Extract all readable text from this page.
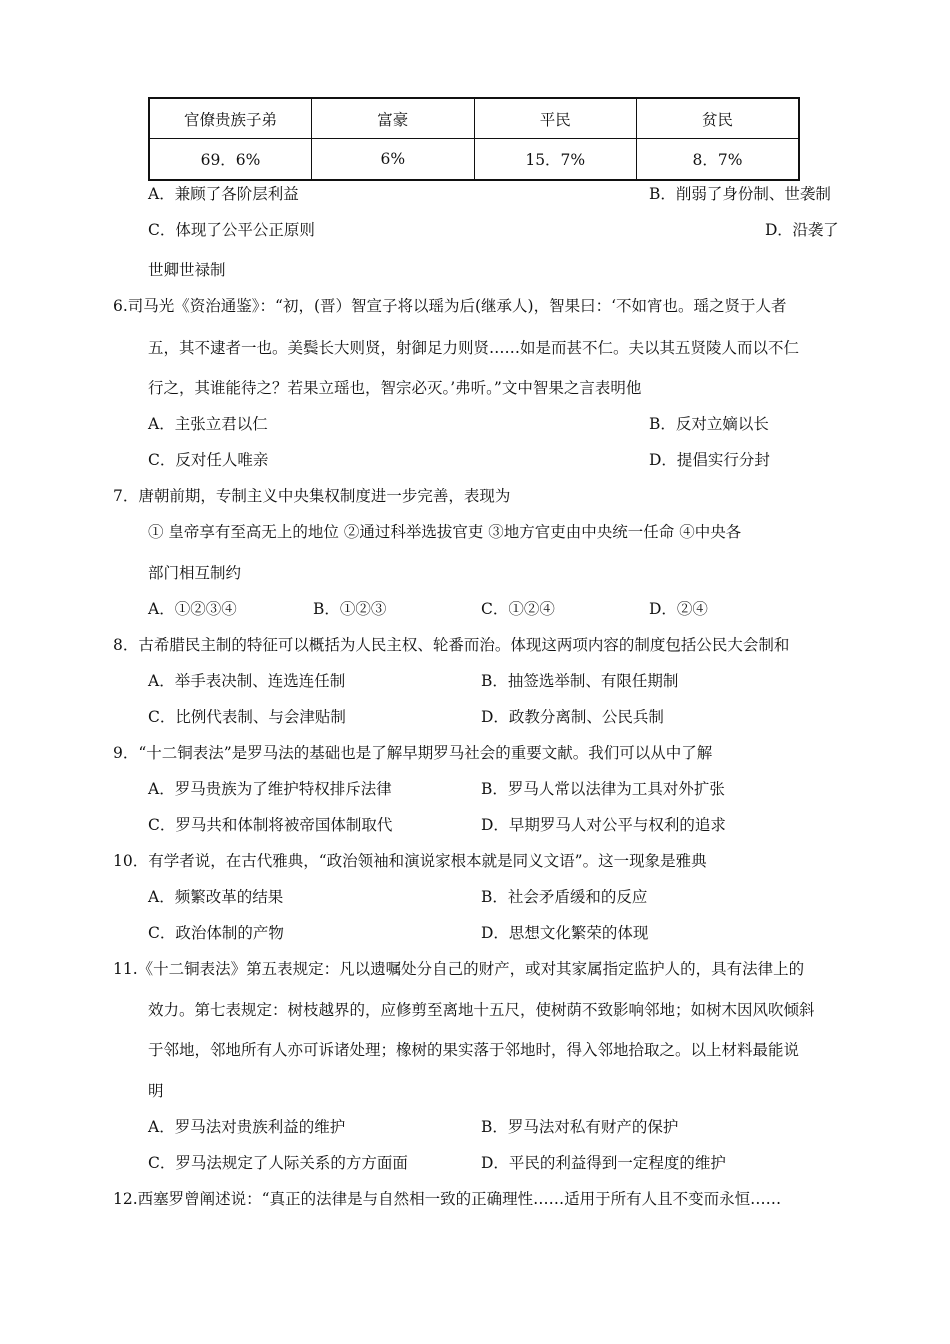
官僚贵族子弟	富豪	平民	贫民
69．6%	6%	15．7%	8．7%
A．兼顾了各阶层利益	B．削弱了身份制、世袭制
C．体现了公平公正原则	D．沿袭了
世卿世禄制
6.司马光《资治通鉴》：“初，(晋）智宣子将以瑶为后(继承人)，智果曰：‘不如宵也。瑶之贤于人者
五，其不逮者一也。美鬓长大则贤，射御足力则贤……如是而甚不仁。夫以其五贤陵人而以不仁
行之，其谁能待之？若果立瑶也，智宗必灭。’弗听。”文中智果之言表明他
A．主张立君以仁	B．反对立嫡以长
C．反对任人唯亲	D．提倡实行分封
7．唐朝前期，专制主义中央集权制度进一步完善，表现为
① 皇帝享有至高无上的地位 ②通过科举选拔官吏 ③地方官吏由中央统一任命 ④中央各
部门相互制约
A．①②③④	B．①②③	C．①②④	D．②④
8．古希腊民主制的特征可以概括为人民主权、轮番而治。体现这两项内容的制度包括公民大会制和
A．举手表决制、连选连任制	B．抽签选举制、有限任期制
C．比例代表制、与会津贴制	D．政教分离制、公民兵制
9．“十二铜表法”是罗马法的基础也是了解早期罗马社会的重要文献。我们可以从中了解
A．罗马贵族为了维护特权排斥法律	B．罗马人常以法律为工具对外扩张
C．罗马共和体制将被帝国体制取代	D．早期罗马人对公平与权利的追求
10．有学者说，在古代雅典，“政治领袖和演说家根本就是同义文语”。这一现象是雅典
A．频繁改革的结果	B．社会矛盾缓和的反应
C．政治体制的产物	D．思想文化繁荣的体现
11.《十二铜表法》第五表规定：凡以遗嘱处分自己的财产，或对其家属指定监护人的，具有法律上的
效力。第七表规定：树枝越界的，应修剪至离地十五尺，使树荫不致影响邻地；如树木因风吹倾斜
于邻地，邻地所有人亦可诉诸处理；橡树的果实落于邻地时，得入邻地拾取之。以上材料最能说
明
A．罗马法对贵族利益的维护	B．罗马法对私有财产的保护
C．罗马法规定了人际关系的方方面面	D．平民的利益得到一定程度的维护
12.西塞罗曾阐述说：“真正的法律是与自然相一致的正确理性……适用于所有人且不变而永恒……
